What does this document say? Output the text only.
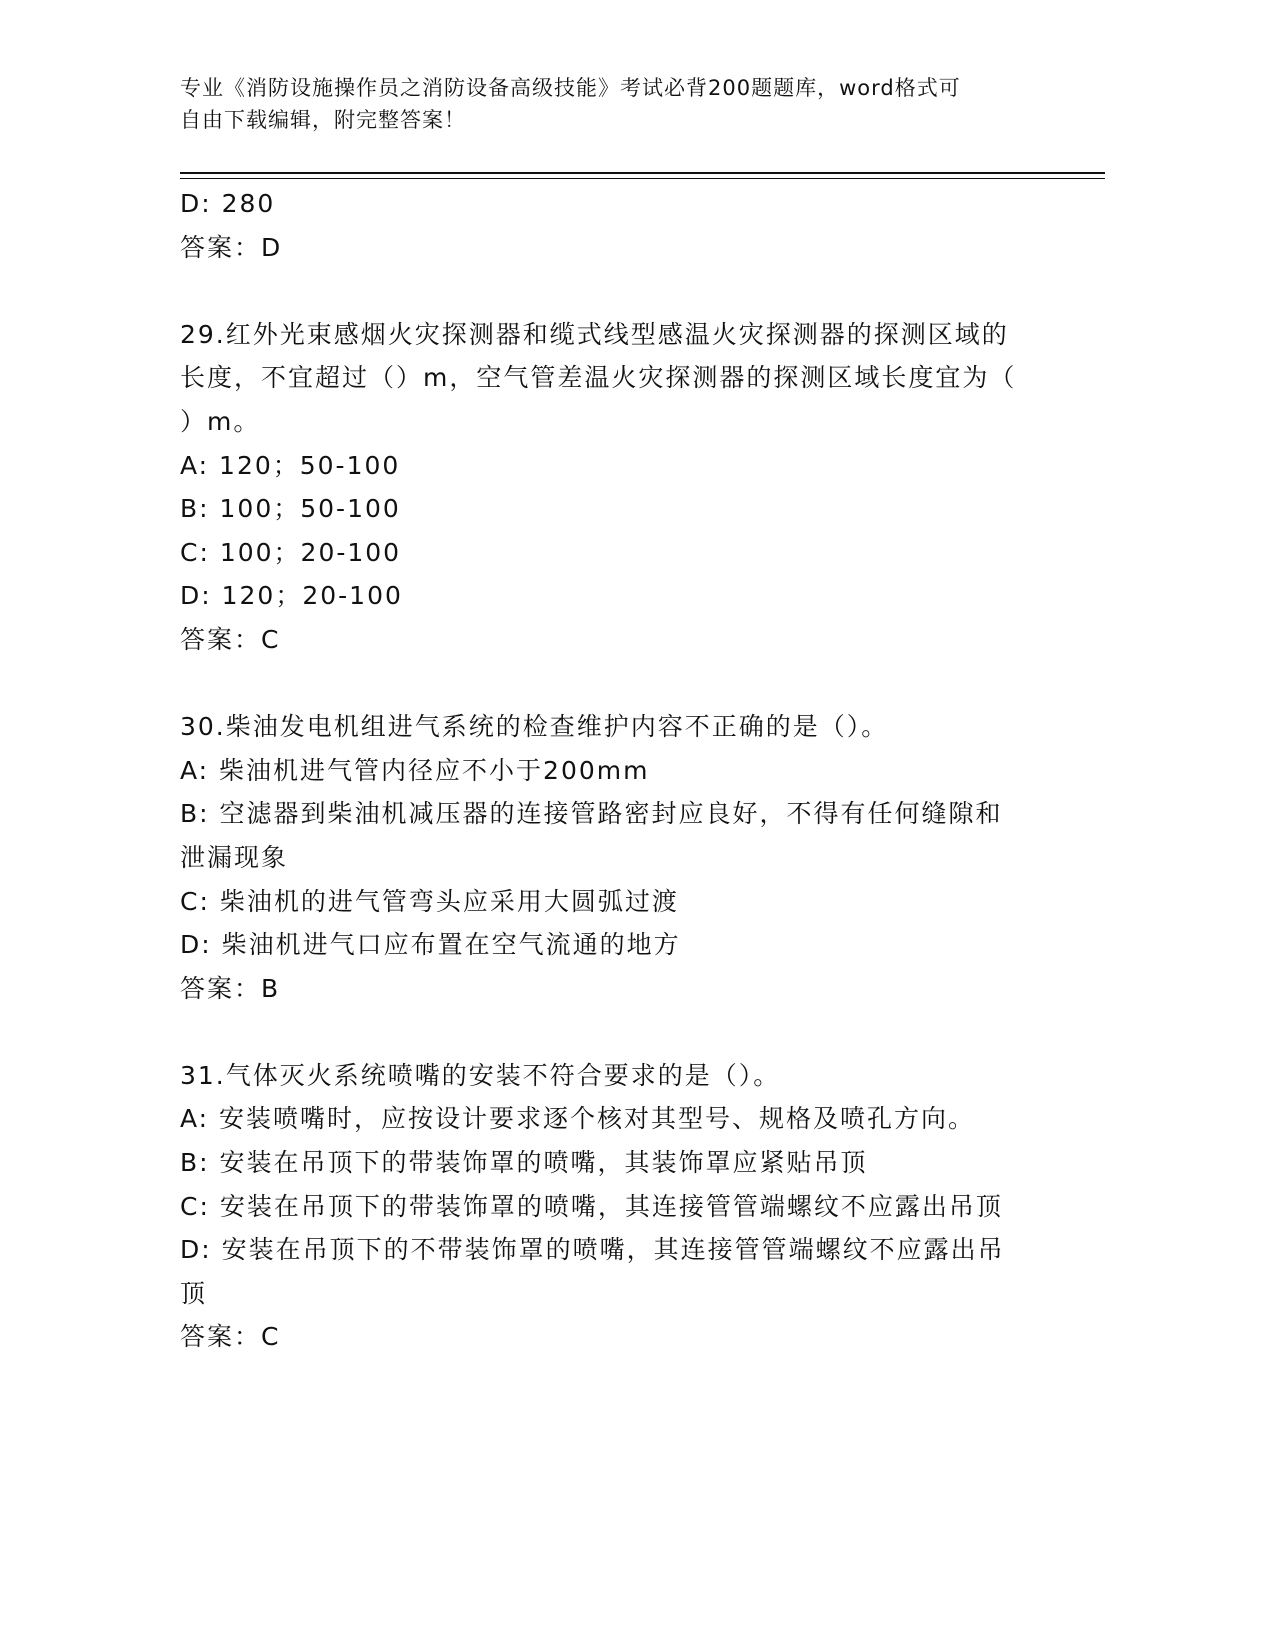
专业《消防设施操作员之消防设备高级技能》考试必背200题题库，word格式可
自由下载编辑，附完整答案！
D: 280
答案：D
29.红外光束感烟火灾探测器和缆式线型感温火灾探测器的探测区域的
长度，不宜超过（）m，空气管差温火灾探测器的探测区域长度宜为（
）m。
A: 120；50-100
B: 100；50-100
C: 100；20-100
D: 120；20-100
答案：C
30.柴油发电机组进气系统的检查维护内容不正确的是（）。
A: 柴油机进气管内径应不小于200mm
B: 空滤器到柴油机减压器的连接管路密封应良好，不得有任何缝隙和
泄漏现象
C: 柴油机的进气管弯头应采用大圆弧过渡
D: 柴油机进气口应布置在空气流通的地方
答案：B
31.气体灭火系统喷嘴的安装不符合要求的是（）。
A: 安装喷嘴时，应按设计要求逐个核对其型号、规格及喷孔方向。
B: 安装在吊顶下的带装饰罩的喷嘴，其装饰罩应紧贴吊顶
C: 安装在吊顶下的带装饰罩的喷嘴，其连接管管端螺纹不应露出吊顶
D: 安装在吊顶下的不带装饰罩的喷嘴，其连接管管端螺纹不应露出吊
顶
答案：C
